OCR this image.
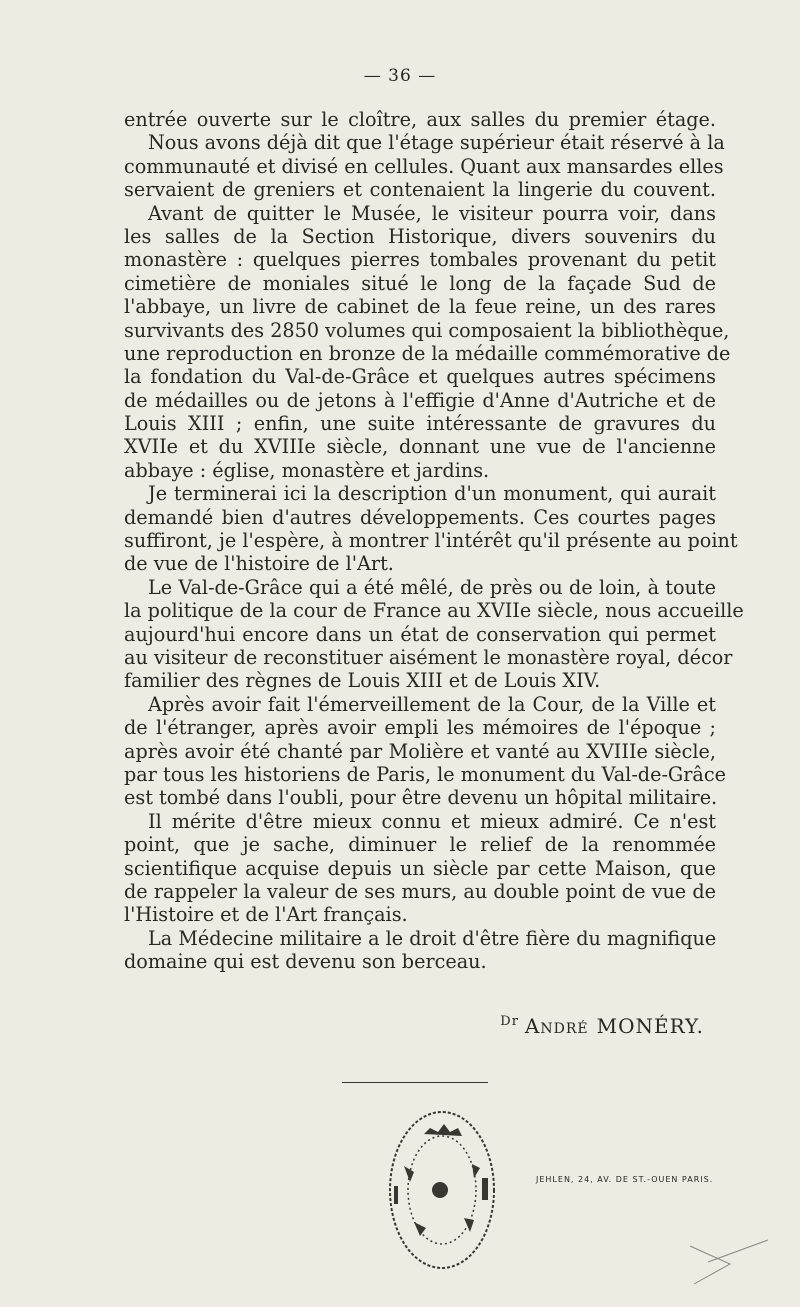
— 36 —
entrée ouverte sur le cloître, aux salles du premier étage.
Nous avons déjà dit que l'étage supérieur était réservé à la
communauté et divisé en cellules. Quant aux mansardes elles
servaient de greniers et contenaient la lingerie du couvent.
Avant de quitter le Musée, le visiteur pourra voir, dans
les salles de la Section Historique, divers souvenirs du
monastère : quelques pierres tombales provenant du petit
cimetière de moniales situé le long de la façade Sud de
l'abbaye, un livre de cabinet de la feue reine, un des rares
survivants des 2850 volumes qui composaient la bibliothèque,
une reproduction en bronze de la médaille commémorative de
la fondation du Val-de-Grâce et quelques autres spécimens
de médailles ou de jetons à l'effigie d'Anne d'Autriche et de
Louis XIII ; enfin, une suite intéressante de gravures du
XVIIe et du XVIIIe siècle, donnant une vue de l'ancienne
abbaye : église, monastère et jardins.
Je terminerai ici la description d'un monument, qui aurait
demandé bien d'autres développements. Ces courtes pages
suffiront, je l'espère, à montrer l'intérêt qu'il présente au point
de vue de l'histoire de l'Art.
Le Val-de-Grâce qui a été mêlé, de près ou de loin, à toute
la politique de la cour de France au XVIIe siècle, nous accueille
aujourd'hui encore dans un état de conservation qui permet
au visiteur de reconstituer aisément le monastère royal, décor
familier des règnes de Louis XIII et de Louis XIV.
Après avoir fait l'émerveillement de la Cour, de la Ville et
de l'étranger, après avoir empli les mémoires de l'époque ;
après avoir été chanté par Molière et vanté au XVIIIe siècle,
par tous les historiens de Paris, le monument du Val-de-Grâce
est tombé dans l'oubli, pour être devenu un hôpital militaire.
Il mérite d'être mieux connu et mieux admiré. Ce n'est
point, que je sache, diminuer le relief de la renommée
scientifique acquise depuis un siècle par cette Maison, que
de rappeler la valeur de ses murs, au double point de vue de
l'Histoire et de l'Art français.
La Médecine militaire a le droit d'être fière du magnifique
domaine qui est devenu son berceau.
$^{Dr}$ André MONÉRY.
JEHLEN, 24, AV. DE ST.-OUEN PARIS.
